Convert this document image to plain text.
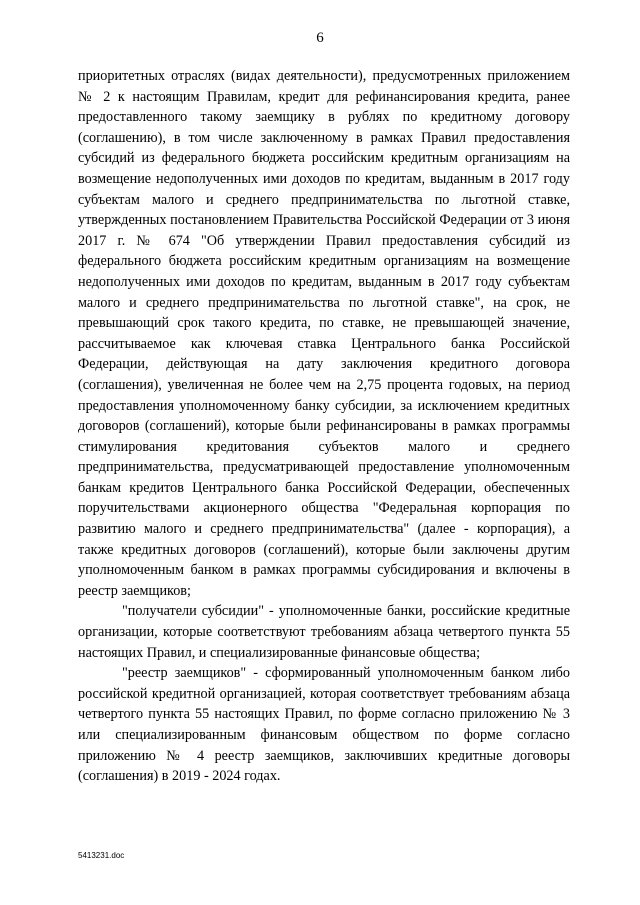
6

приоритетных отраслях (видах деятельности), предусмотренных приложением № 2 к настоящим Правилам, кредит для рефинансирования кредита, ранее предоставленного такому заемщику в рублях по кредитному договору (соглашению), в том числе заключенному в рамках Правил предоставления субсидий из федерального бюджета российским кредитным организациям на возмещение недополученных ими доходов по кредитам, выданным в 2017 году субъектам малого и среднего предпринимательства по льготной ставке, утвержденных постановлением Правительства Российской Федерации от 3 июня 2017 г. № 674 "Об утверждении Правил предоставления субсидий из федерального бюджета российским кредитным организациям на возмещение недополученных ими доходов по кредитам, выданным в 2017 году субъектам малого и среднего предпринимательства по льготной ставке", на срок, не превышающий срок такого кредита, по ставке, не превышающей значение, рассчитываемое как ключевая ставка Центрального банка Российской Федерации, действующая на дату заключения кредитного договора (соглашения), увеличенная не более чем на 2,75 процента годовых, на период предоставления уполномоченному банку субсидии, за исключением кредитных договоров (соглашений), которые были рефинансированы в рамках программы стимулирования кредитования субъектов малого и среднего предпринимательства, предусматривающей предоставление уполномоченным банкам кредитов Центрального банка Российской Федерации, обеспеченных поручительствами акционерного общества "Федеральная корпорация по развитию малого и среднего предпринимательства" (далее - корпорация), а также кредитных договоров (соглашений), которые были заключены другим уполномоченным банком в рамках программы субсидирования и включены в реестр заемщиков;

"получатели субсидии" - уполномоченные банки, российские кредитные организации, которые соответствуют требованиям абзаца четвертого пункта 55 настоящих Правил, и специализированные финансовые общества;

"реестр заемщиков" - сформированный уполномоченным банком либо российской кредитной организацией, которая соответствует требованиям абзаца четвертого пункта 55 настоящих Правил, по форме согласно приложению № 3 или специализированным финансовым обществом по форме согласно приложению № 4 реестр заемщиков, заключивших кредитные договоры (соглашения) в 2019 - 2024 годах.

5413231.doc
